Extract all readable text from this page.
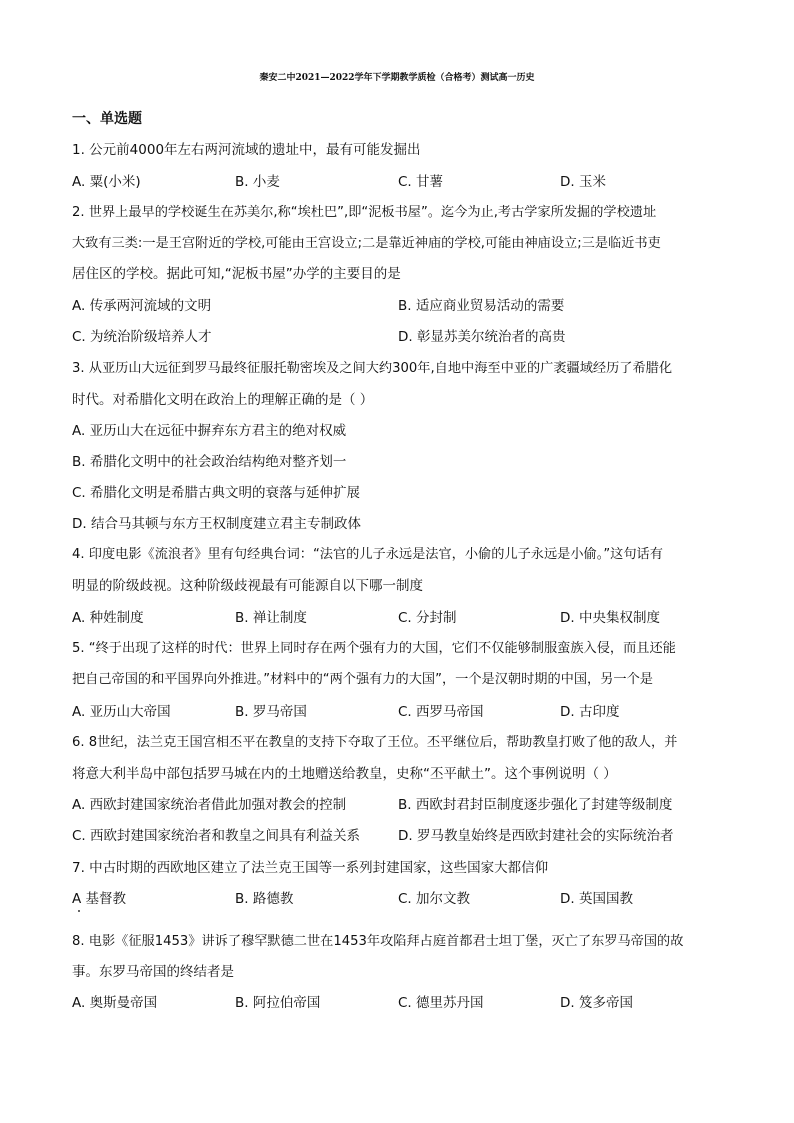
秦安二中2021—2022学年下学期教学质检（合格考）测试高一历史
一、单选题
1. 公元前4000年左右两河流域的遗址中，最有可能发掘出
A. 粟(小米)	B. 小麦	C. 甘薯	D. 玉米
2. 世界上最早的学校诞生在苏美尔,称“埃杜巴”,即“泥板书屋”。迄今为止,考古学家所发掘的学校遗址
大致有三类:一是王宫附近的学校,可能由王宫设立;二是靠近神庙的学校,可能由神庙设立;三是临近书吏
居住区的学校。据此可知,“泥板书屋”办学的主要目的是
A. 传承两河流域的文明	B. 适应商业贸易活动的需要
C. 为统治阶级培养人才	D. 彰显苏美尔统治者的高贵
3. 从亚历山大远征到罗马最终征服托勒密埃及之间大约300年,自地中海至中亚的广袤疆域经历了希腊化
时代。对希腊化文明在政治上的理解正确的是（ ）
A. 亚历山大在远征中摒弃东方君主的绝对权威
B. 希腊化文明中的社会政治结构绝对整齐划一
C. 希腊化文明是希腊古典文明的衰落与延伸扩展
D. 结合马其顿与东方王权制度建立君主专制政体
4. 印度电影《流浪者》里有句经典台词：“法官的儿子永远是法官，小偷的儿子永远是小偷。”这句话有
明显的阶级歧视。这种阶级歧视最有可能源自以下哪一制度
A. 种姓制度	B. 禅让制度	C. 分封制	D. 中央集权制度
5. “终于出现了这样的时代：世界上同时存在两个强有力的大国，它们不仅能够制服蛮族入侵，而且还能
把自己帝国的和平国界向外推进。”材料中的“两个强有力的大国”，一个是汉朝时期的中国，另一个是
A. 亚历山大帝国	B. 罗马帝国	C. 西罗马帝国	D. 古印度
6. 8世纪，法兰克王国宫相丕平在教皇的支持下夺取了王位。丕平继位后，帮助教皇打败了他的敌人，并
将意大利半岛中部包括罗马城在内的土地赠送给教皇，史称“丕平献土”。这个事例说明（ ）
A. 西欧封建国家统治者借此加强对教会的控制	B. 西欧封君封臣制度逐步强化了封建等级制度
C. 西欧封建国家统治者和教皇之间具有利益关系	D. 罗马教皇始终是西欧封建社会的实际统治者
7. 中古时期的西欧地区建立了法兰克王国等一系列封建国家，这些国家大都信仰
A 基督教	B. 路德教	C. 加尔文教	D. 英国国教
8. 电影《征服1453》讲诉了穆罕默德二世在1453年攻陷拜占庭首都君士坦丁堡，灭亡了东罗马帝国的故
事。东罗马帝国的终结者是
A. 奥斯曼帝国	B. 阿拉伯帝国	C. 德里苏丹国	D. 笈多帝国
